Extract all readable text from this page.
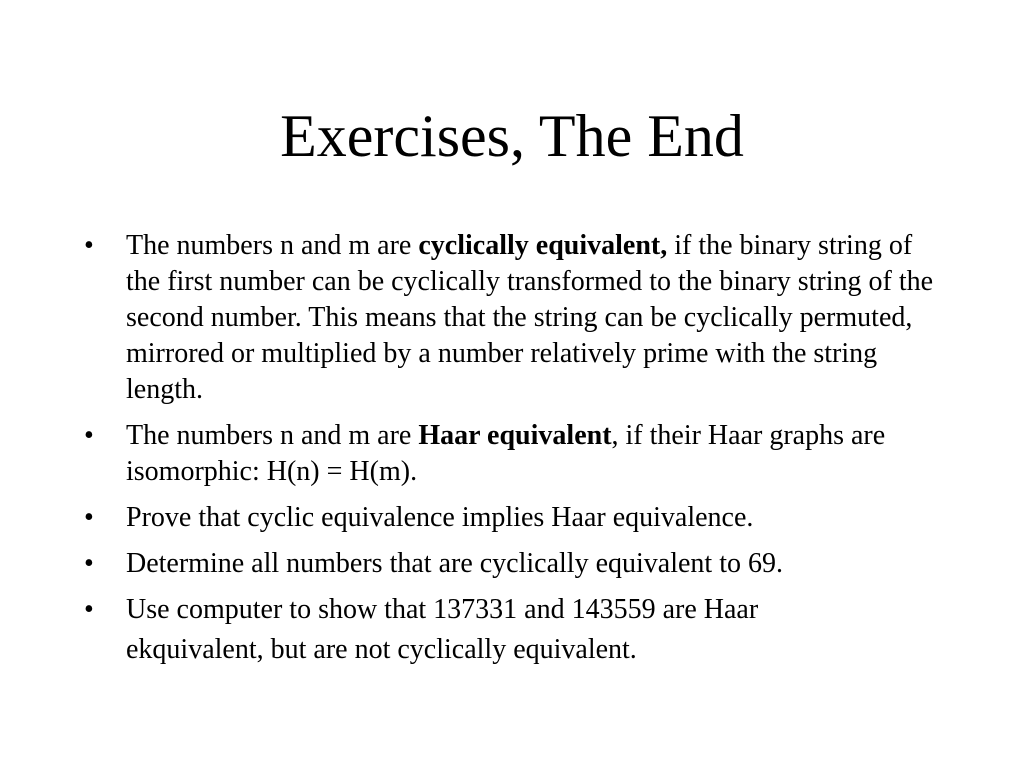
Exercises, The End
•	The numbers n and m are cyclically equivalent, if the binary string of the first number can be cyclically transformed to the binary string of the second number. This means that the string can be cyclically permuted, mirrored or multiplied by a number relatively prime with the string length.
•	The numbers n and m are Haar equivalent, if their Haar graphs are isomorphic: H(n) = H(m).
•	Prove that cyclic equivalence implies Haar equivalence.
•	Determine all numbers that are cyclically equivalent to 69.
•	Use computer to show that 137331 and 143559 are Haar
ekquivalent, but are not cyclically equivalent.
